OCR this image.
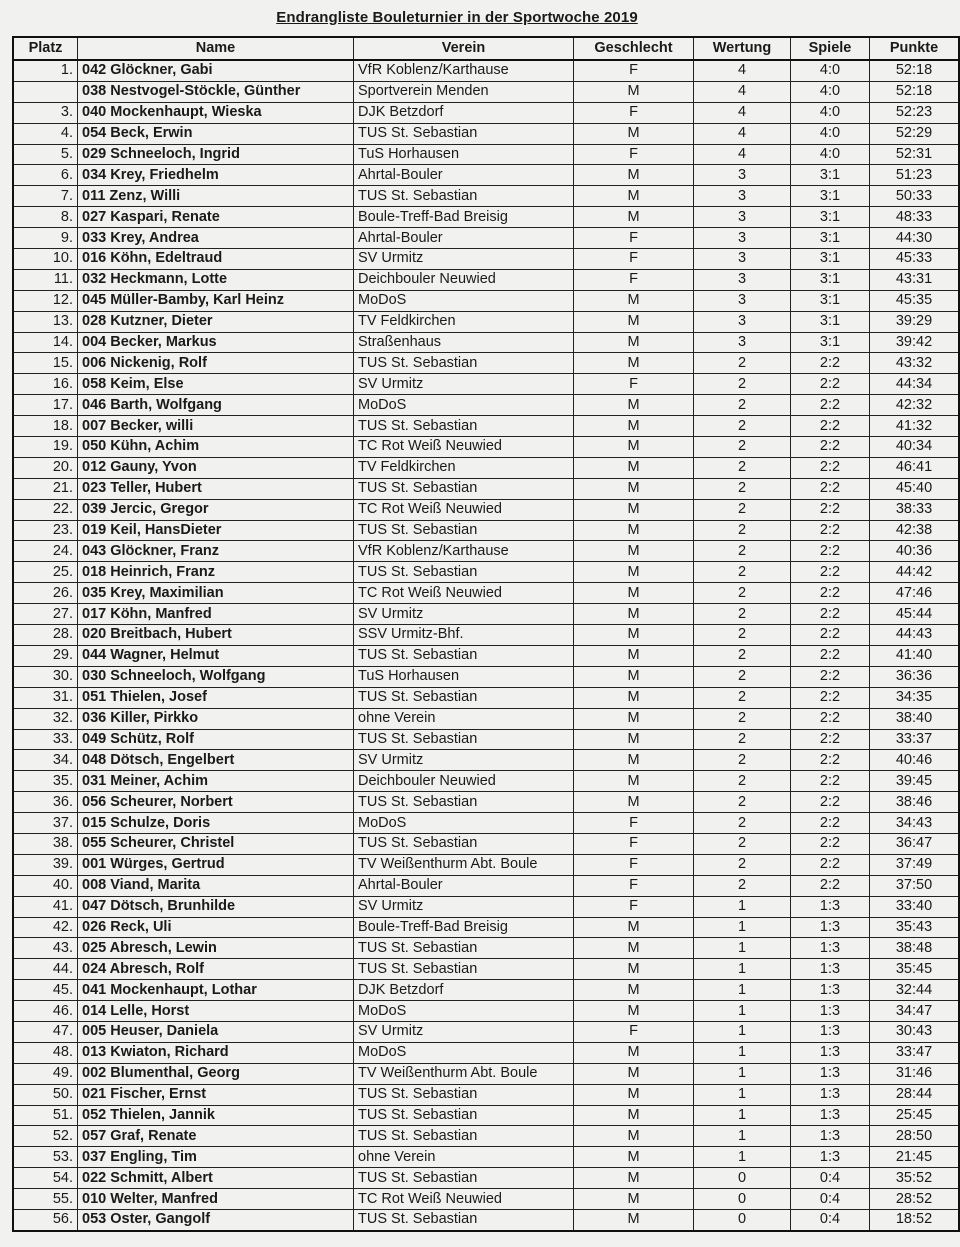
Endrangliste Bouleturnier in der Sportwoche 2019
Platz	Name	Verein	Geschlecht	Wertung	Spiele	Punkte
1.	042 Glöckner, Gabi	VfR Koblenz/Karthause	F	4	4:0	52:18
	038 Nestvogel-Stöckle, Günther	Sportverein Menden	M	4	4:0	52:18
3.	040 Mockenhaupt, Wieska	DJK Betzdorf	F	4	4:0	52:23
4.	054 Beck, Erwin	TUS St. Sebastian	M	4	4:0	52:29
5.	029 Schneeloch, Ingrid	TuS Horhausen	F	4	4:0	52:31
6.	034 Krey, Friedhelm	Ahrtal-Bouler	M	3	3:1	51:23
7.	011 Zenz, Willi	TUS St. Sebastian	M	3	3:1	50:33
8.	027 Kaspari, Renate	Boule-Treff-Bad Breisig	M	3	3:1	48:33
9.	033 Krey, Andrea	Ahrtal-Bouler	F	3	3:1	44:30
10.	016 Köhn, Edeltraud	SV Urmitz	F	3	3:1	45:33
11.	032 Heckmann, Lotte	Deichbouler Neuwied	F	3	3:1	43:31
12.	045 Müller-Bamby, Karl Heinz	MoDoS	M	3	3:1	45:35
13.	028 Kutzner, Dieter	TV Feldkirchen	M	3	3:1	39:29
14.	004 Becker, Markus	Straßenhaus	M	3	3:1	39:42
15.	006 Nickenig, Rolf	TUS St. Sebastian	M	2	2:2	43:32
16.	058 Keim, Else	SV Urmitz	F	2	2:2	44:34
17.	046 Barth, Wolfgang	MoDoS	M	2	2:2	42:32
18.	007 Becker, willi	TUS St. Sebastian	M	2	2:2	41:32
19.	050 Kühn, Achim	TC Rot Weiß Neuwied	M	2	2:2	40:34
20.	012 Gauny, Yvon	TV Feldkirchen	M	2	2:2	46:41
21.	023 Teller, Hubert	TUS St. Sebastian	M	2	2:2	45:40
22.	039 Jercic, Gregor	TC Rot Weiß Neuwied	M	2	2:2	38:33
23.	019 Keil, HansDieter	TUS St. Sebastian	M	2	2:2	42:38
24.	043 Glöckner, Franz	VfR Koblenz/Karthause	M	2	2:2	40:36
25.	018 Heinrich, Franz	TUS St. Sebastian	M	2	2:2	44:42
26.	035 Krey, Maximilian	TC Rot Weiß Neuwied	M	2	2:2	47:46
27.	017 Köhn, Manfred	SV Urmitz	M	2	2:2	45:44
28.	020 Breitbach, Hubert	SSV Urmitz-Bhf.	M	2	2:2	44:43
29.	044 Wagner, Helmut	TUS St. Sebastian	M	2	2:2	41:40
30.	030 Schneeloch, Wolfgang	TuS Horhausen	M	2	2:2	36:36
31.	051 Thielen, Josef	TUS St. Sebastian	M	2	2:2	34:35
32.	036 Killer, Pirkko	ohne Verein	M	2	2:2	38:40
33.	049 Schütz, Rolf	TUS St. Sebastian	M	2	2:2	33:37
34.	048 Dötsch, Engelbert	SV Urmitz	M	2	2:2	40:46
35.	031 Meiner, Achim	Deichbouler Neuwied	M	2	2:2	39:45
36.	056 Scheurer, Norbert	TUS St. Sebastian	M	2	2:2	38:46
37.	015 Schulze, Doris	MoDoS	F	2	2:2	34:43
38.	055 Scheurer, Christel	TUS St. Sebastian	F	2	2:2	36:47
39.	001 Würges, Gertrud	TV Weißenthurm Abt. Boule	F	2	2:2	37:49
40.	008 Viand, Marita	Ahrtal-Bouler	F	2	2:2	37:50
41.	047 Dötsch, Brunhilde	SV Urmitz	F	1	1:3	33:40
42.	026 Reck, Uli	Boule-Treff-Bad Breisig	M	1	1:3	35:43
43.	025 Abresch, Lewin	TUS St. Sebastian	M	1	1:3	38:48
44.	024 Abresch, Rolf	TUS St. Sebastian	M	1	1:3	35:45
45.	041 Mockenhaupt, Lothar	DJK Betzdorf	M	1	1:3	32:44
46.	014 Lelle, Horst	MoDoS	M	1	1:3	34:47
47.	005 Heuser, Daniela	SV Urmitz	F	1	1:3	30:43
48.	013 Kwiaton, Richard	MoDoS	M	1	1:3	33:47
49.	002 Blumenthal, Georg	TV Weißenthurm Abt. Boule	M	1	1:3	31:46
50.	021 Fischer, Ernst	TUS St. Sebastian	M	1	1:3	28:44
51.	052 Thielen, Jannik	TUS St. Sebastian	M	1	1:3	25:45
52.	057 Graf, Renate	TUS St. Sebastian	M	1	1:3	28:50
53.	037 Engling, Tim	ohne Verein	M	1	1:3	21:45
54.	022 Schmitt, Albert	TUS St. Sebastian	M	0	0:4	35:52
55.	010 Welter, Manfred	TC Rot Weiß Neuwied	M	0	0:4	28:52
56.	053 Oster, Gangolf	TUS St. Sebastian	M	0	0:4	18:52
